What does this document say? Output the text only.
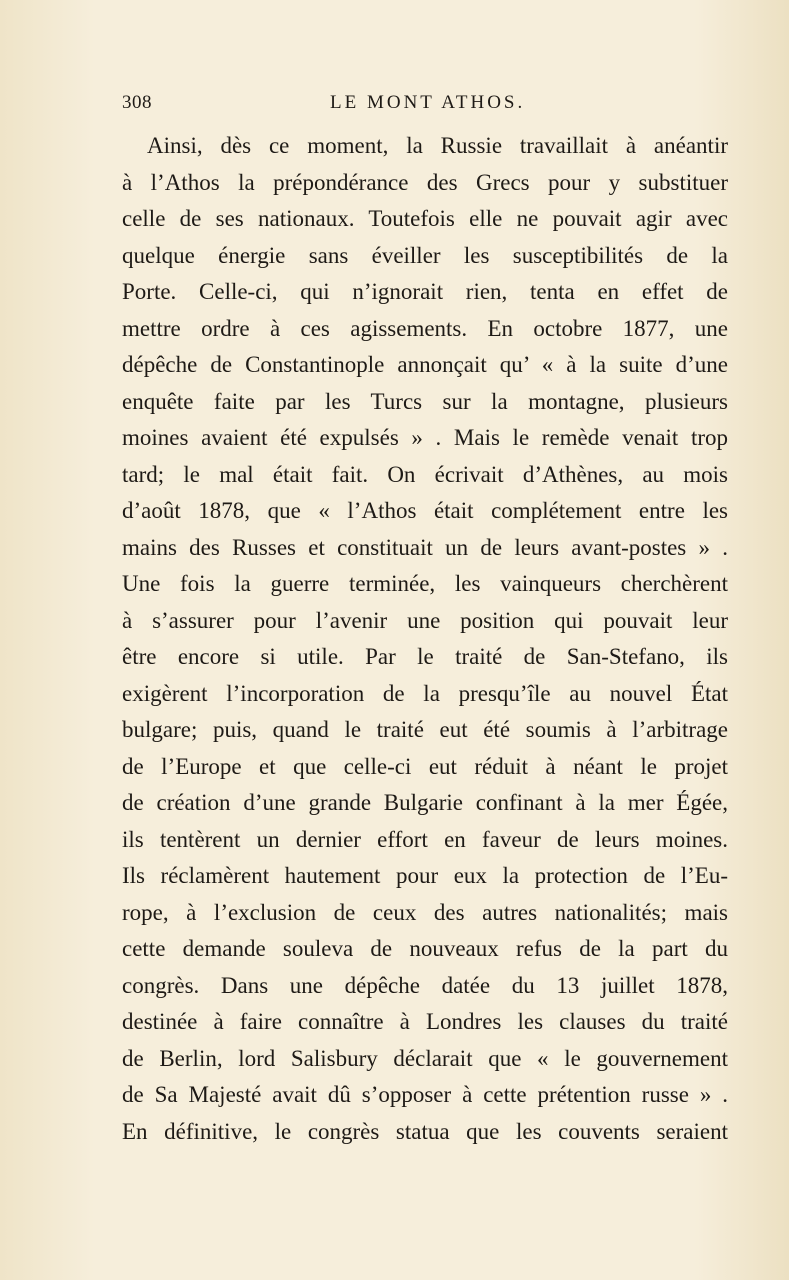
308	LE MONT ATHOS.
Ainsi, dès ce moment, la Russie travaillait à anéantir
à l’Athos la prépondérance des Grecs pour y substituer
celle de ses nationaux. Toutefois elle ne pouvait agir avec
quelque énergie sans éveiller les susceptibilités de la
Porte. Celle-ci, qui n’ignorait rien, tenta en effet de
mettre ordre à ces agissements. En octobre 1877, une
dépêche de Constantinople annonçait qu’ « à la suite d’une
enquête faite par les Turcs sur la montagne, plusieurs
moines avaient été expulsés » . Mais le remède venait trop
tard; le mal était fait. On écrivait d’Athènes, au mois
d’août 1878, que « l’Athos était complétement entre les
mains des Russes et constituait un de leurs avant-postes » .
Une fois la guerre terminée, les vainqueurs cherchèrent
à s’assurer pour l’avenir une position qui pouvait leur
être encore si utile. Par le traité de San-Stefano, ils
exigèrent l’incorporation de la presqu’île au nouvel État
bulgare; puis, quand le traité eut été soumis à l’arbitrage
de l’Europe et que celle-ci eut réduit à néant le projet
de création d’une grande Bulgarie confinant à la mer Égée,
ils tentèrent un dernier effort en faveur de leurs moines.
Ils réclamèrent hautement pour eux la protection de l’Eu-
rope, à l’exclusion de ceux des autres nationalités; mais
cette demande souleva de nouveaux refus de la part du
congrès. Dans une dépêche datée du 13 juillet 1878,
destinée à faire connaître à Londres les clauses du traité
de Berlin, lord Salisbury déclarait que « le gouvernement
de Sa Majesté avait dû s’opposer à cette prétention russe » .
En définitive, le congrès statua que les couvents seraient
